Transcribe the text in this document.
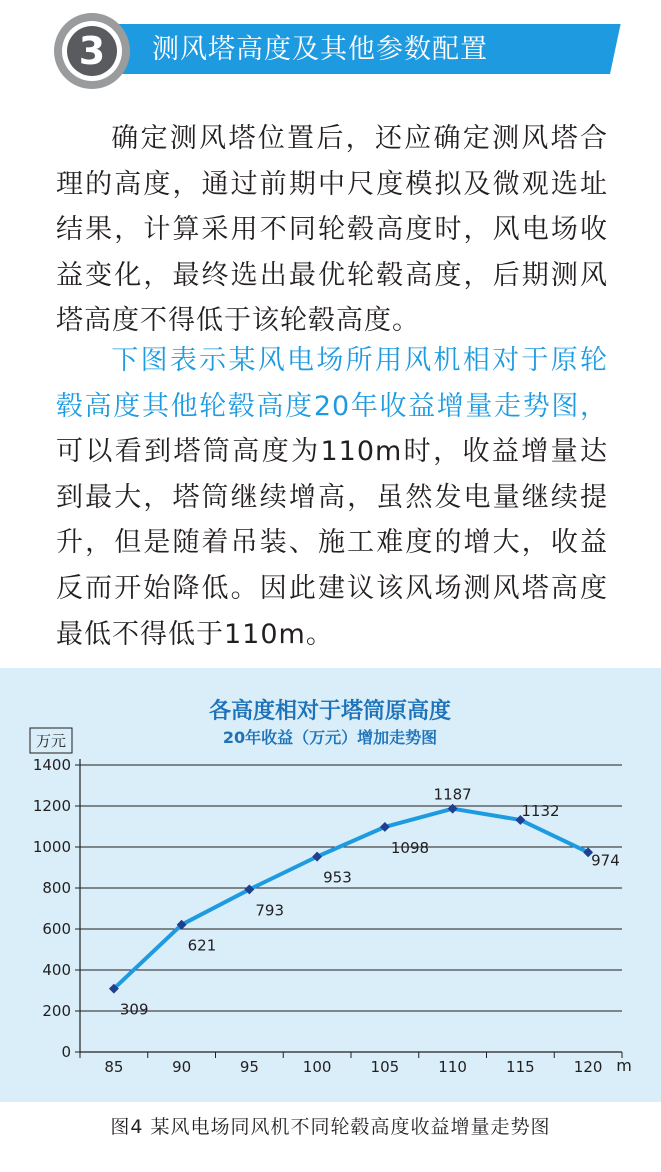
测风塔高度及其他参数配置
3

确定测风塔位置后，还应确定测风塔合理的高度，通过前期中尺度模拟及微观选址结果，计算采用不同轮毂高度时，风电场收益变化，最终选出最优轮毂高度，后期测风塔高度不得低于该轮毂高度。

下图表示某风电场所用风机相对于原轮毂高度其他轮毂高度20年收益增量走势图，可以看到塔筒高度为110m时，收益增量达到最大，塔筒继续增高，虽然发电量继续提升，但是随着吊装、施工难度的增大，收益反而开始降低。因此建议该风场测风塔高度最低不得低于110m。

各高度相对于塔筒原高度
20年收益（万元）增加走势图
万元
m
0
200
400
600
800
1000
1200
1400
85	90	95	100	105	110	115	120
309
621
793
953
1098
1187
1132
974
图4 某风电场同风机不同轮毂高度收益增量走势图
